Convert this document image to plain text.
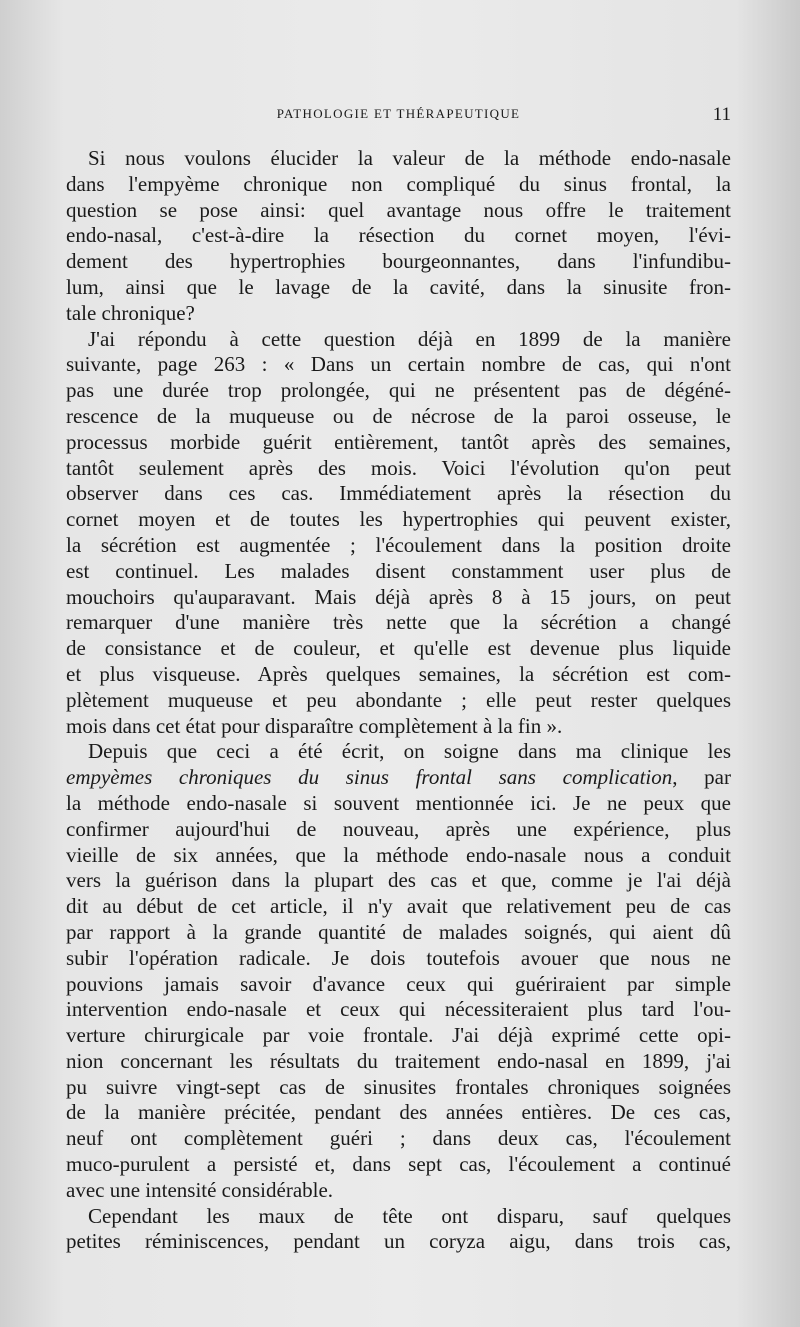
PATHOLOGIE ET THÉRAPEUTIQUE	11
Si nous voulons élucider la valeur de la méthode endo-nasale
dans l'empyème chronique non compliqué du sinus frontal, la
question se pose ainsi: quel avantage nous offre le traitement
endo-nasal, c'est-à-dire la résection du cornet moyen, l'évi-
dement des hypertrophies bourgeonnantes, dans l'infundibu-
lum, ainsi que le lavage de la cavité, dans la sinusite fron-
tale chronique?
J'ai répondu à cette question déjà en 1899 de la manière
suivante, page 263 : « Dans un certain nombre de cas, qui n'ont
pas une durée trop prolongée, qui ne présentent pas de dégéné-
rescence de la muqueuse ou de nécrose de la paroi osseuse, le
processus morbide guérit entièrement, tantôt après des semaines,
tantôt seulement après des mois. Voici l'évolution qu'on peut
observer dans ces cas. Immédiatement après la résection du
cornet moyen et de toutes les hypertrophies qui peuvent exister,
la sécrétion est augmentée ; l'écoulement dans la position droite
est continuel. Les malades disent constamment user plus de
mouchoirs qu'auparavant. Mais déjà après 8 à 15 jours, on peut
remarquer d'une manière très nette que la sécrétion a changé
de consistance et de couleur, et qu'elle est devenue plus liquide
et plus visqueuse. Après quelques semaines, la sécrétion est com-
plètement muqueuse et peu abondante ; elle peut rester quelques
mois dans cet état pour disparaître complètement à la fin ».
Depuis que ceci a été écrit, on soigne dans ma clinique les
empyèmes chroniques du sinus frontal sans complication, par
la méthode endo-nasale si souvent mentionnée ici. Je ne peux que
confirmer aujourd'hui de nouveau, après une expérience, plus
vieille de six années, que la méthode endo-nasale nous a conduit
vers la guérison dans la plupart des cas et que, comme je l'ai déjà
dit au début de cet article, il n'y avait que relativement peu de cas
par rapport à la grande quantité de malades soignés, qui aient dû
subir l'opération radicale. Je dois toutefois avouer que nous ne
pouvions jamais savoir d'avance ceux qui guériraient par simple
intervention endo-nasale et ceux qui nécessiteraient plus tard l'ou-
verture chirurgicale par voie frontale. J'ai déjà exprimé cette opi-
nion concernant les résultats du traitement endo-nasal en 1899, j'ai
pu suivre vingt-sept cas de sinusites frontales chroniques soignées
de la manière précitée, pendant des années entières. De ces cas,
neuf ont complètement guéri ; dans deux cas, l'écoulement
muco-purulent a persisté et, dans sept cas, l'écoulement a continué
avec une intensité considérable.
Cependant les maux de tête ont disparu, sauf quelques
petites réminiscences, pendant un coryza aigu, dans trois cas,
